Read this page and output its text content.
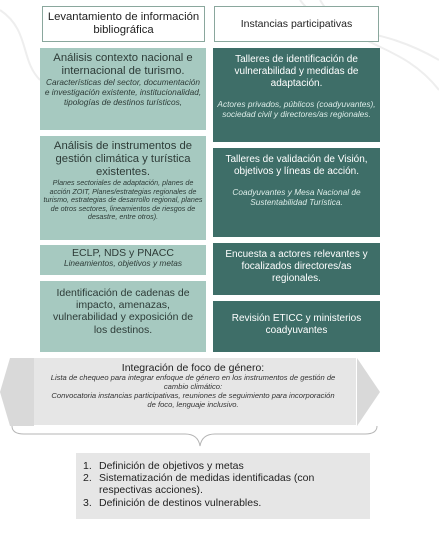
Levantamiento de información bibliográfica	Instancias participativas
Análisis contexto nacional e internacional de turismo.
Características del sector, documentación e investigación existente, institucionalidad, tipologías de destinos turísticos,
Análisis de instrumentos de gestión climática y turística existentes.
Planes sectoriales de adaptación, planes de acción ZOIT, Planes/estrategias regionales de turismo, estrategias de desarrollo regional, planes de otros sectores, lineamientos de riesgos de desastre, entre otros).
ECLP, NDS y PNACC
Lineamientos, objetivos y metas
Identificación de cadenas de impacto, amenazas, vulnerabilidad y exposición de los destinos.
Talleres de identificación de vulnerabilidad y medidas de adaptación.
Actores privados, públicos (coadyuvantes), sociedad civil y directores/as regionales.
Talleres de validación de Visión, objetivos y líneas de acción.
Coadyuvantes y Mesa Nacional de Sustentabilidad Turística.
Encuesta a actores relevantes y focalizados directores/as regionales.
Revisión ETICC y ministerios coadyuvantes
Integración de foco de género:
Lista de chequeo para integrar enfoque de género en los instrumentos de gestión de cambio climático:
Convocatoria instancias participativas, reuniones de seguimiento para incorporación de foco, lenguaje inclusivo.
1. Definición de objetivos y metas
2. Sistematización de medidas identificadas (con respectivas acciones).
3. Definición de destinos vulnerables.
